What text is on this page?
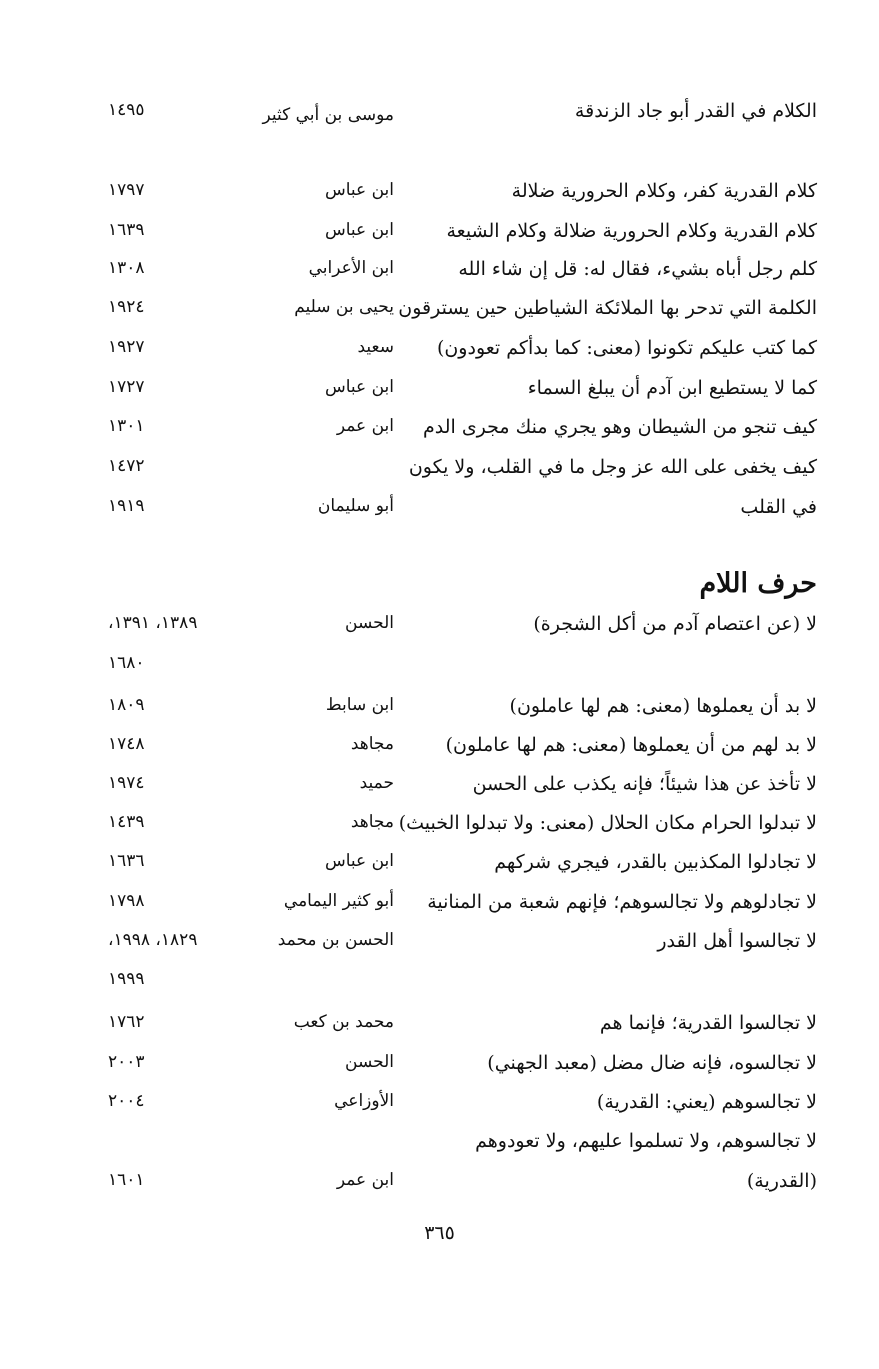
الكلام في القدر أبو جاد الزندقة
موسى بن أبي كثير
١٤٩٥
كلام القدرية كفر، وكلام الحرورية ضلالة
ابن عباس
١٧٩٧
كلام القدرية وكلام الحرورية ضلالة وكلام الشيعة
ابن عباس
١٦٣٩
كلم رجل أباه بشيء، فقال له: قل إن شاء الله
ابن الأعرابي
١٣٠٨
الكلمة التي تدحر بها الملائكة الشياطين حين يسترقون
يحيى بن سليم
١٩٢٤
كما كتب عليكم تكونوا (معنى: كما بدأكم تعودون)
سعيد
١٩٢٧
كما لا يستطيع ابن آدم أن يبلغ السماء
ابن عباس
١٧٢٧
كيف تنجو من الشيطان وهو يجري منك مجرى الدم
ابن عمر
١٣٠١
كيف يخفى على الله عز وجل ما في القلب، ولا يكون
١٤٧٢
في القلب
أبو سليمان
١٩١٩
حرف اللام
لا (عن اعتصام آدم من أكل الشجرة)
الحسن
١٣٨٩، ١٣٩١،
١٦٨٠
لا بد أن يعملوها (معنى: هم لها عاملون)
ابن سابط
١٨٠٩
لا بد لهم من أن يعملوها (معنى: هم لها عاملون)
مجاهد
١٧٤٨
لا تأخذ عن هذا شيئاً؛ فإنه يكذب على الحسن
حميد
١٩٧٤
لا تبدلوا الحرام مكان الحلال (معنى: ولا تبدلوا الخبيث)
مجاهد
١٤٣٩
لا تجادلوا المكذبين بالقدر، فيجري شركهم
ابن عباس
١٦٣٦
لا تجادلوهم ولا تجالسوهم؛ فإنهم شعبة من المنانية
أبو كثير اليمامي
١٧٩٨
لا تجالسوا أهل القدر
الحسن بن محمد
١٨٢٩، ١٩٩٨،
١٩٩٩
لا تجالسوا القدرية؛ فإنما هم
محمد بن كعب
١٧٦٢
لا تجالسوه، فإنه ضال مضل (معبد الجهني)
الحسن
٢٠٠٣
لا تجالسوهم (يعني: القدرية)
الأوزاعي
٢٠٠٤
لا تجالسوهم، ولا تسلموا عليهم، ولا تعودوهم
(القدرية)
ابن عمر
١٦٠١
٣٦٥
